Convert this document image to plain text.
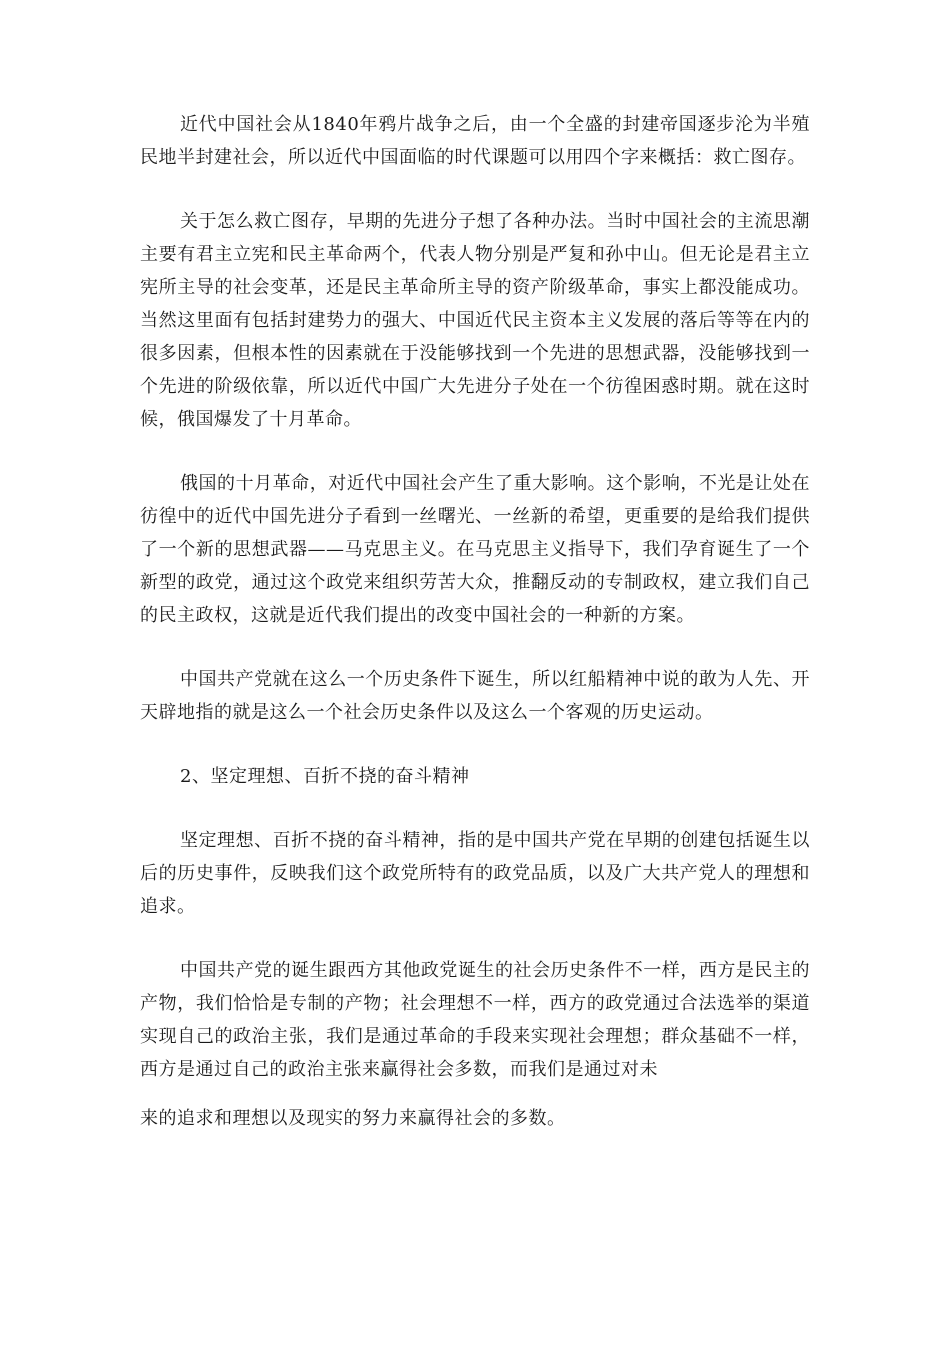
近代中国社会从1840年鸦片战争之后，由一个全盛的封建帝国逐步沦为半殖民地半封建社会，所以近代中国面临的时代课题可以用四个字来概括：救亡图存。

关于怎么救亡图存，早期的先进分子想了各种办法。当时中国社会的主流思潮主要有君主立宪和民主革命两个，代表人物分别是严复和孙中山。但无论是君主立宪所主导的社会变革，还是民主革命所主导的资产阶级革命，事实上都没能成功。当然这里面有包括封建势力的强大、中国近代民主资本主义发展的落后等等在内的很多因素，但根本性的因素就在于没能够找到一个先进的思想武器，没能够找到一个先进的阶级依靠，所以近代中国广大先进分子处在一个彷徨困惑时期。就在这时候，俄国爆发了十月革命。

俄国的十月革命，对近代中国社会产生了重大影响。这个影响，不光是让处在彷徨中的近代中国先进分子看到一丝曙光、一丝新的希望，更重要的是给我们提供了一个新的思想武器——马克思主义。在马克思主义指导下，我们孕育诞生了一个新型的政党，通过这个政党来组织劳苦大众，推翻反动的专制政权，建立我们自己的民主政权，这就是近代我们提出的改变中国社会的一种新的方案。

中国共产党就在这么一个历史条件下诞生，所以红船精神中说的敢为人先、开天辟地指的就是这么一个社会历史条件以及这么一个客观的历史运动。

2、坚定理想、百折不挠的奋斗精神

坚定理想、百折不挠的奋斗精神，指的是中国共产党在早期的创建包括诞生以后的历史事件，反映我们这个政党所特有的政党品质，以及广大共产党人的理想和追求。

中国共产党的诞生跟西方其他政党诞生的社会历史条件不一样，西方是民主的产物，我们恰恰是专制的产物；社会理想不一样，西方的政党通过合法选举的渠道实现自己的政治主张，我们是通过革命的手段来实现社会理想；群众基础不一样，西方是通过自己的政治主张来赢得社会多数，而我们是通过对未

来的追求和理想以及现实的努力来赢得社会的多数。
